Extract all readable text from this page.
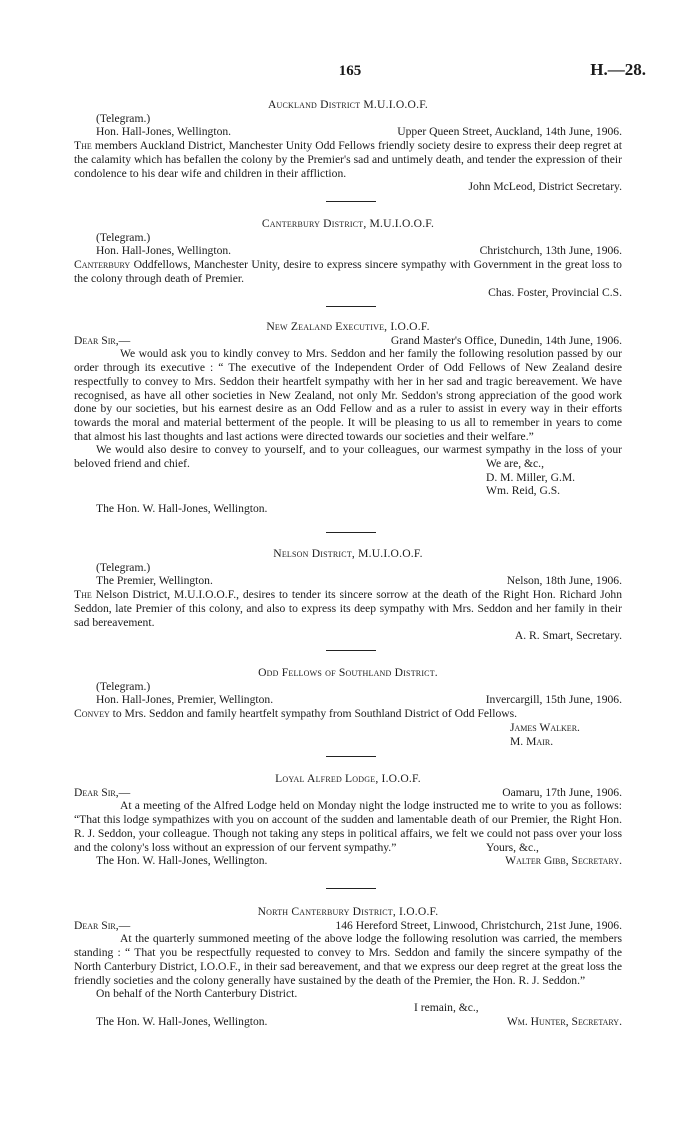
165	H.—28.
Auckland District M.U.I.O.O.F.
(Telegram.)
Hon. Hall-Jones, Wellington.	Upper Queen Street, Auckland, 14th June, 1906.
The members Auckland District, Manchester Unity Odd Fellows friendly society desire to express their deep regret at the calamity which has befallen the colony by the Premier's sad and untimely death, and tender the expression of their condolence to his dear wife and children in their affliction.
John McLeod, District Secretary.
Canterbury District, M.U.I.O.O.F.
(Telegram.)
Hon. Hall-Jones, Wellington.	Christchurch, 13th June, 1906.
Canterbury Oddfellows, Manchester Unity, desire to express sincere sympathy with Government in the great loss to the colony through death of Premier.
Chas. Foster, Provincial C.S.
New Zealand Executive, I.O.O.F.
Dear Sir,—	Grand Master's Office, Dunedin, 14th June, 1906.
We would ask you to kindly convey to Mrs. Seddon and her family the following resolution passed by our order through its executive : “ The executive of the Independent Order of Odd Fellows of New Zealand desire respectfully to convey to Mrs. Seddon their heartfelt sympathy with her in her sad and tragic bereavement. We have recognised, as have all other societies in New Zealand, not only Mr. Seddon's strong appreciation of the good work done by our societies, but his earnest desire as an Odd Fellow and as a ruler to assist in every way in their efforts towards the moral and material betterment of the people. It will be pleasing to us all to remember in years to come that almost his last thoughts and last actions were directed towards our societies and their welfare.”
We would also desire to convey to yourself, and to your colleagues, our warmest sympathy in the loss of your beloved friend and chief.	We are, &c.,
D. M. Miller, G.M.
Wm. Reid, G.S.
The Hon. W. Hall-Jones, Wellington.
Nelson District, M.U.I.O.O.F.
(Telegram.)
The Premier, Wellington.	Nelson, 18th June, 1906.
The Nelson District, M.U.I.O.O.F., desires to tender its sincere sorrow at the death of the Right Hon. Richard John Seddon, late Premier of this colony, and also to express its deep sympathy with Mrs. Seddon and her family in their sad bereavement.
A. R. Smart, Secretary.
Odd Fellows of Southland District.
(Telegram.)
Hon. Hall-Jones, Premier, Wellington.	Invercargill, 15th June, 1906.
Convey to Mrs. Seddon and family heartfelt sympathy from Southland District of Odd Fellows.
James Walker.
M. Mair.
Loyal Alfred Lodge, I.O.O.F.
Dear Sir,—	Oamaru, 17th June, 1906.
At a meeting of the Alfred Lodge held on Monday night the lodge instructed me to write to you as follows: “That this lodge sympathizes with you on account of the sudden and lamentable death of our Premier, the Right Hon. R. J. Seddon, your colleague. Though not taking any steps in political affairs, we felt we could not pass over your loss and the colony's loss without an expression of our fervent sympathy.”	Yours, &c.,
The Hon. W. Hall-Jones, Wellington.	Walter Gibb, Secretary.
North Canterbury District, I.O.O.F.
Dear Sir,—	146 Hereford Street, Linwood, Christchurch, 21st June, 1906.
At the quarterly summoned meeting of the above lodge the following resolution was carried, the members standing : “ That you be respectfully requested to convey to Mrs. Seddon and family the sincere sympathy of the North Canterbury District, I.O.O.F., in their sad bereavement, and that we express our deep regret at the great loss the friendly societies and the colony generally have sustained by the death of the Premier, the Hon. R. J. Seddon.”
On behalf of the North Canterbury District.
I remain, &c.,
The Hon. W. Hall-Jones, Wellington.	Wm. Hunter, Secretary.
